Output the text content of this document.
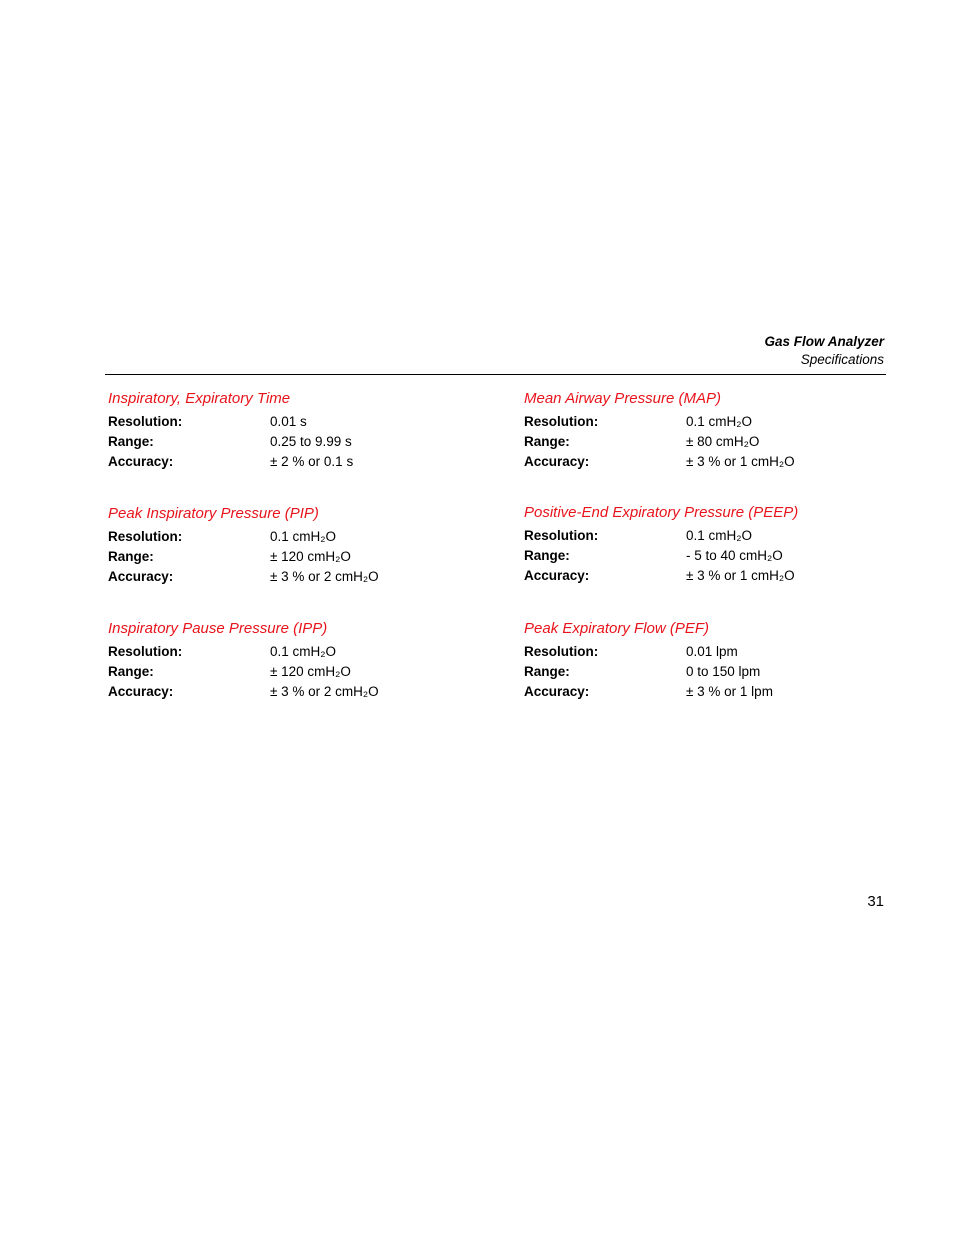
Gas Flow Analyzer
Specifications
Inspiratory, Expiratory Time
Resolution:	0.01 s
Range:	0.25 to 9.99 s
Accuracy:	± 2 % or 0.1 s
Mean Airway Pressure (MAP)
Resolution:	0.1 cmH₂O
Range:	± 80 cmH₂O
Accuracy:	± 3 % or 1 cmH₂O
Peak Inspiratory Pressure (PIP)
Resolution:	0.1 cmH₂O
Range:	± 120 cmH₂O
Accuracy:	± 3 % or 2 cmH₂O
Positive-End Expiratory Pressure (PEEP)
Resolution:	0.1 cmH₂O
Range:	- 5 to 40 cmH₂O
Accuracy:	± 3 % or 1 cmH₂O
Inspiratory Pause Pressure (IPP)
Resolution:	0.1 cmH₂O
Range:	± 120 cmH₂O
Accuracy:	± 3 % or 2 cmH₂O
Peak Expiratory Flow (PEF)
Resolution:	0.01 lpm
Range:	0 to 150 lpm
Accuracy:	± 3 % or 1 lpm
31
